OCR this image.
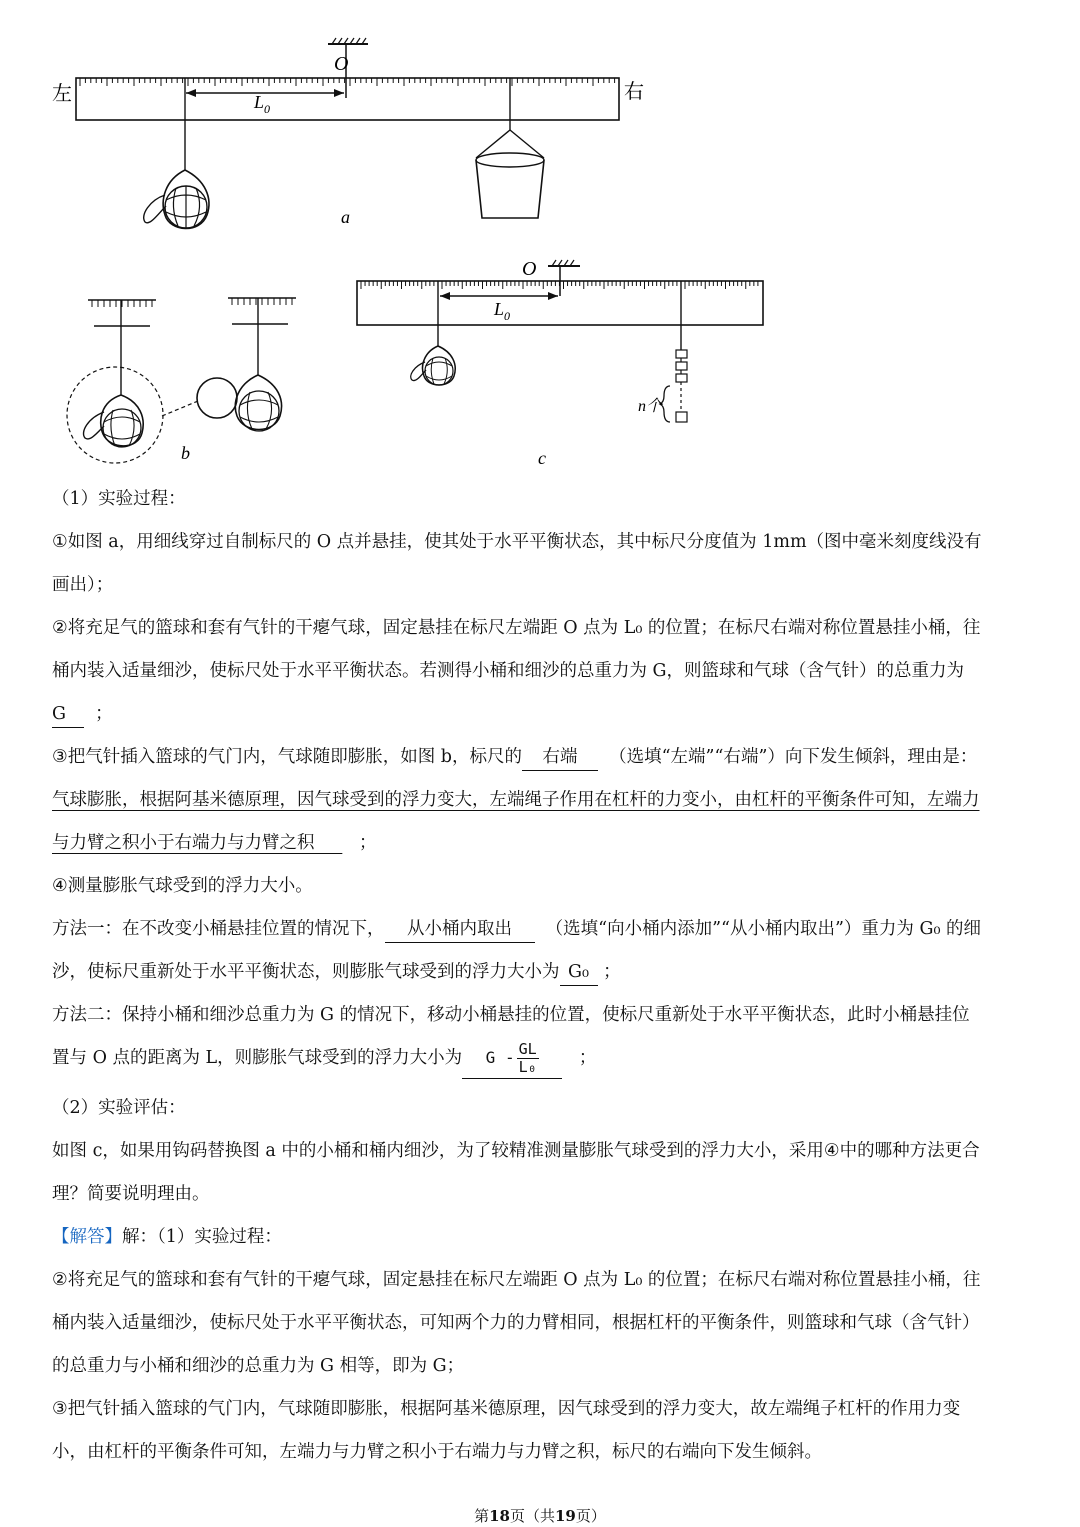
O
左	右
$L_0$
a
b
O
$L_0$
n个
c
（1）实验过程：
①如图 a，用细线穿过自制标尺的 O 点并悬挂，使其处于水平平衡状态，其中标尺分度值为 1mm（图中毫米刻度线没有
画出）；
②将充足气的篮球和套有气针的干瘪气球，固定悬挂在标尺左端距 O 点为 L₀ 的位置；在标尺右端对称位置悬挂小桶，往
桶内装入适量细沙，使标尺处于水平平衡状态。若测得小桶和细沙的总重力为 G，则篮球和气球（含气针）的总重力为
G ；
③把气针插入篮球的气门内，气球随即膨胀，如图 b，标尺的 右端 （选填“左端”“右端”）向下发生倾斜，理由是：
气球膨胀，根据阿基米德原理，因气球受到的浮力变大，左端绳子作用在杠杆的力变小，由杠杆的平衡条件可知，左端力
与力臂之积小于右端力与力臂之积	；
④测量膨胀气球受到的浮力大小。
方法一：在不改变小桶悬挂位置的情况下， 从小桶内取出 （选填“向小桶内添加”“从小桶内取出”）重力为 G₀ 的细
沙，使标尺重新处于水平平衡状态，则膨胀气球受到的浮力大小为 G₀ ；
方法二：保持小桶和细沙总重力为 G 的情况下，移动小桶悬挂的位置，使标尺重新处于水平平衡状态，此时小桶悬挂位
置与 O 点的距离为 L，则膨胀气球受到的浮力大小为 G - $\frac{GL}{\text{L₀}}$ ；
（2）实验评估：
如图 c，如果用钩码替换图 a 中的小桶和桶内细沙，为了较精准测量膨胀气球受到的浮力大小，采用④中的哪种方法更合
理？简要说明理由。
【解答】解：（1）实验过程：
②将充足气的篮球和套有气针的干瘪气球，固定悬挂在标尺左端距 O 点为 L₀ 的位置；在标尺右端对称位置悬挂小桶，往
桶内装入适量细沙，使标尺处于水平平衡状态，可知两个力的力臂相同，根据杠杆的平衡条件，则篮球和气球（含气针）
的总重力与小桶和细沙的总重力为 G 相等，即为 G；
③把气针插入篮球的气门内，气球随即膨胀，根据阿基米德原理，因气球受到的浮力变大，故左端绳子杠杆的作用力变
小，由杠杆的平衡条件可知，左端力与力臂之积小于右端力与力臂之积，标尺的右端向下发生倾斜。
第18页（共19页）
